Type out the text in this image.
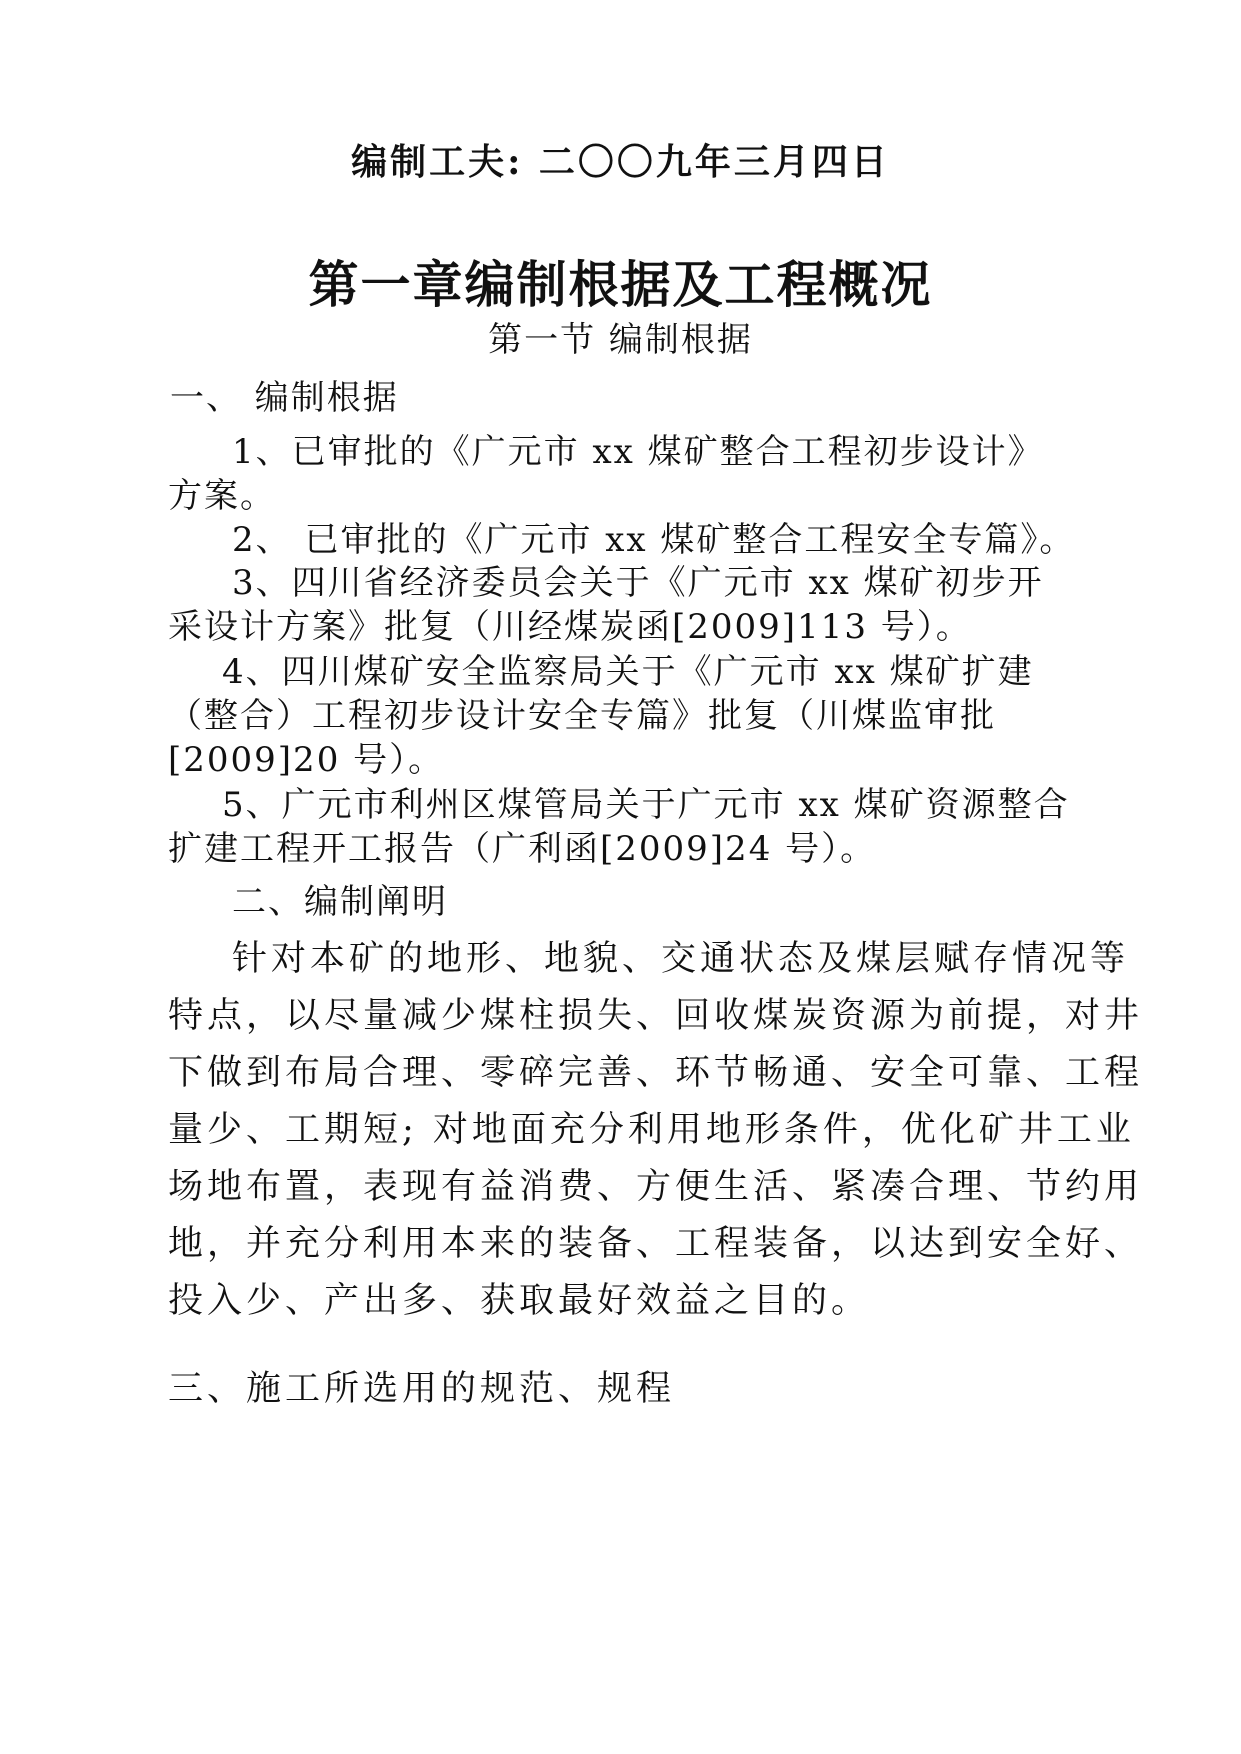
编制工夫: 二〇〇九年三月四日
第一章编制根据及工程概况
第一节 编制根据
一、 编制根据
1、已审批的《广元市 xx 煤矿整合工程初步设计》
方案。
2、 已审批的《广元市 xx 煤矿整合工程安全专篇》。
3、四川省经济委员会关于《广元市 xx 煤矿初步开
采设计方案》批复（川经煤炭函[2009]113 号）。
4、四川煤矿安全监察局关于《广元市 xx 煤矿扩建
（整合）工程初步设计安全专篇》批复（川煤监审批
[2009]20 号）。
5、广元市利州区煤管局关于广元市 xx 煤矿资源整合
扩建工程开工报告（广利函[2009]24 号）。
二、编制阐明
针对本矿的地形、地貌、交通状态及煤层赋存情况等
特点，以尽量减少煤柱损失、回收煤炭资源为前提，对井
下做到布局合理、零碎完善、环节畅通、安全可靠、工程
量少、工期短; 对地面充分利用地形条件，优化矿井工业
场地布置，表现有益消费、方便生活、紧凑合理、节约用
地，并充分利用本来的装备、工程装备，以达到安全好、
投入少、产出多、获取最好效益之目的。
三、施工所选用的规范、规程
